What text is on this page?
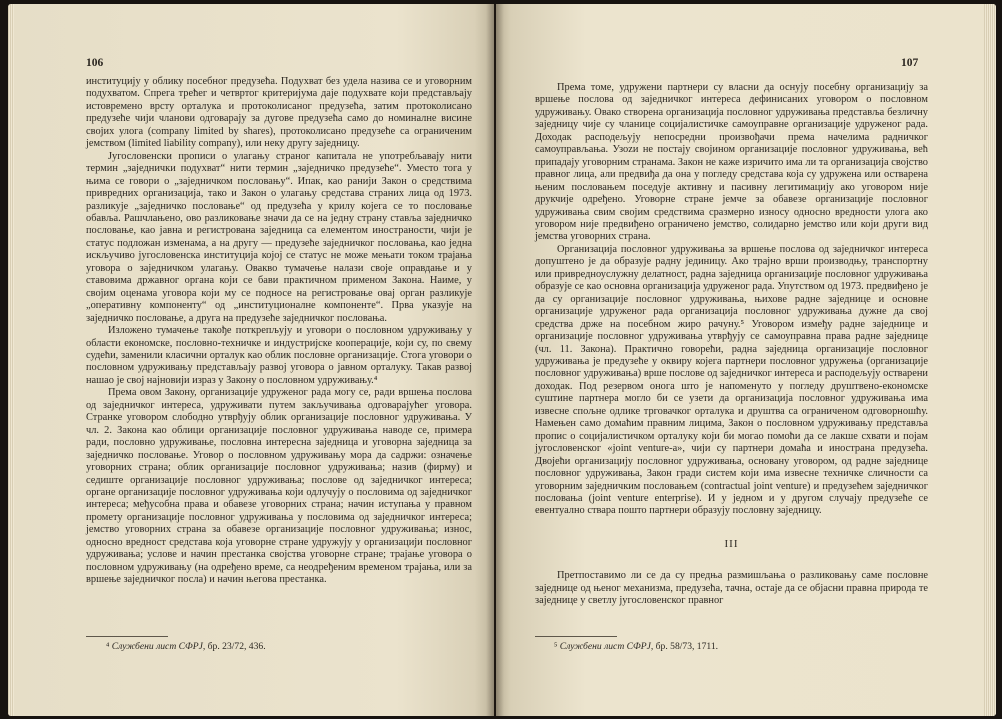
106

институцију у облику посебног предузећа. Подухват без удела назива се и уговорним подухватом. Спрега трећег и четвртог критеријума даје подухвате који представљају истовремено врсту орталука и протоколисаног предузећа, затим протоколисано предузеће чији чланови одговарају за дугове предузећа само до номиналне висине својих улога (company limited by shares), протоколисано предузеће са ограниченим јемством (limited liability company), или неку другу заједницу.

Југословенски прописи о улагању страног капитала не употребљавају нити термин „заједнички подухват“ нити термин „заједничко предузеће“. Уместо тога у њима се говори о „заједничком пословању“. Ипак, као ранији Закон о средствима привредних организација, тако и Закон о улагању средстава страних лица од 1973. разликује „заједничко пословање“ од предузећа у крилу којега се то пословање обавља. Рашчлањено, ово разликовање значи да се на једну страну ставља заједничко пословање, као јавна и регистрована заједница са елементом иностраности, чији је статус подложан изменама, а на другу — предузеће заједничког пословања, као једна искључиво југословенска институција којој се статус не може мењати током трајања уговора о заједничком улагању. Овакво тумачење налази своје оправдање и у ставовима државног органа који се бави практичном применом Закона. Наиме, у својим оценама уговора који му се подносе на регистровање овај орган разликује „оперативну компоненту“ од „институционалне компоненте“. Прва указује на заједничко пословање, а друга на предузеће заједничког пословања.

Изложено тумачење такође поткрепљују и уговори о пословном удруживању у области економске, пословно-техничке и индустријске кооперације, који су, по свему судећи, заменили класични орталук као облик пословне организације. Стога уговори о пословном удруживању представљају развој уговора о јавном орталуку. Такав развој нашао је свој најновији израз у Закону о пословном удруживању.⁴

Према овом Закону, организације удруженог рада могу се, ради вршења послова од заједничког интереса, удруживати путем закључивања одговарајућег уговора. Странке уговором слободно утврђују облик организације пословног удруживања. У чл. 2. Закона као облици организације пословног удруживања наводе се, примера ради, пословно удруживање, пословна интересна заједница и уговорна заједница за заједничко пословање. Уговор о пословном удруживању мора да садржи: означење уговорних страна; облик организације пословног удруживања; назив (фирму) и седиште организације пословног удруживања; послове од заједничког интереса; органе организације пословног удруживања који одлучују о пословима од заједничког интереса; међусобна права и обавезе уговорних страна; начин иступања у правном промету организације пословног удруживања у пословима од заједничког интереса; јемство уговорних страна за обавезе организације пословног удруживања; износ, односно вредност средстава која уговорне стране удружују у организацији пословног удруживања; услове и начин престанка својства уговорне стране; трајање уговора о пословном удруживању (на одређено време, са неодређеним временом трајања, или за вршење заједничког посла) и начин његова престанка.

⁴ Службени лист СФРЈ, бр. 23/72, 436.
107

Према томе, удружени партнери су власни да оснују посебну организацију за вршење послова од заједничког интереса дефинисаних уговором о пословном удруживању. Овако створена организација пословног удруживања представља безличну заједницу чије су чланице социјалистичке самоуправне организације удруженог рада. Доходак расподељују непосредни произвођачи према начелима радничког самоуправљања. Узоzи не постају својином организације пословног удруживања, већ припадају уговорним странама. Закон не каже изричито има ли та организација својство правног лица, али предвиђа да она у погледу средстава која су удружена или остварена њеним пословањем поседује активну и пасивну легитимацију ако уговором није друкчије одређено. Уговорне стране јемче за обавезе организације пословног удруживања свим својим средствима сразмерно износу односно вредности улога ако уговором није предвиђено ограничено јемство, солидарно јемство или који други вид јемства уговорних страна.

Организација пословног удруживања за вршење послова од заједничког интереса допуштено је да образује радну јединицу. Ако трајно врши производњу, транспортну или привредноуслужну делатност, радна заједница организације пословног удруживања образује се као основна организација удруженог рада. Упутством од 1973. предвиђено је да су организације пословног удруживања, њихове радне заједнице и основне организације удруженог рада организација пословног удруживања дужне да свој средства држе на посебном жиро рачуну.⁵ Уговором између радне заједнице и организације пословног удруживања утврђују се самоуправна права радне заједнице (чл. 11. Закона). Практично говорећи, радна заједница организације пословног удруживања је предузеће у оквиру којега партнери пословног удружења (организације пословног удруживања) врше послове од заједничког интереса и расподељују остварени доходак. Под резервом онога што је напоменуто у погледу друштвено-економске суштине партнера могло би се узети да организација пословног удруживања има извесне спољне одлике трговачког орталука и друштва са ограниченом одговорношћу. Намењен само домаћим правним лицима, Закон о пословном удруживању представља пропис о социјалистичком орталуку који би могао помоћи да се лакше схвати и појам југословенског «joint venture-а», чији су партнери домаћа и инострана предузећа. Двојећи организацију пословног удруживања, основану уговором, од радне заједнице пословног удруживања, Закон гради систем који има извесне техничке сличности са уговорним заједничким пословањем (contractual joint venture) и предузећем заједничког пословања (joint venture enterprise). И у једном и у другом случају предузеће се евентуално ствара пошто партнери образују пословну заједницу.

III

Претпоставимо ли се да су предња размишљања о разликовању саме пословне заједнице од њеног механизма, предузећа, тачна, остаје да се објасни правна природа те заједнице у светлу југословенског правног

⁵ Службени лист СФРЈ, бр. 58/73, 1711.
